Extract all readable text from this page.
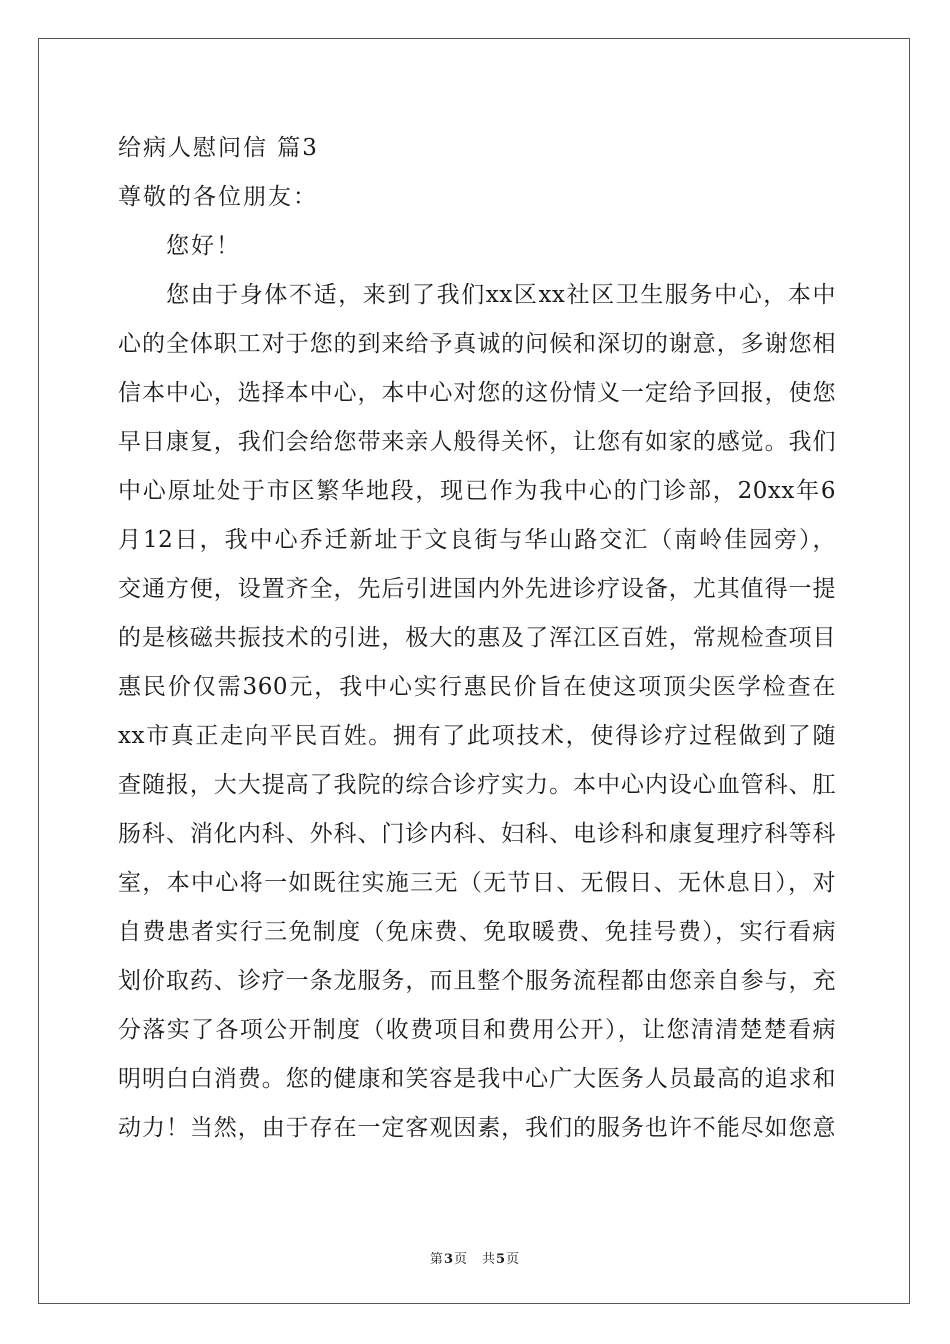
给病人慰问信 篇3
尊敬的各位朋友：
您好！
您由于身体不适，来到了我们xx区xx社区卫生服务中心，本中
心的全体职工对于您的到来给予真诚的问候和深切的谢意，多谢您相
信本中心，选择本中心，本中心对您的这份情义一定给予回报，使您
早日康复，我们会给您带来亲人般得关怀，让您有如家的感觉。我们
中心原址处于市区繁华地段，现已作为我中心的门诊部，20xx年6
月12日，我中心乔迁新址于文良街与华山路交汇（南岭佳园旁），
交通方便，设置齐全，先后引进国内外先进诊疗设备，尤其值得一提
的是核磁共振技术的引进，极大的惠及了浑江区百姓，常规检查项目
惠民价仅需360元，我中心实行惠民价旨在使这项顶尖医学检查在
xx市真正走向平民百姓。拥有了此项技术，使得诊疗过程做到了随
查随报，大大提高了我院的综合诊疗实力。本中心内设心血管科、肛
肠科、消化内科、外科、门诊内科、妇科、电诊科和康复理疗科等科
室，本中心将一如既往实施三无（无节日、无假日、无休息日），对
自费患者实行三免制度（免床费、免取暖费、免挂号费），实行看病
划价取药、诊疗一条龙服务，而且整个服务流程都由您亲自参与，充
分落实了各项公开制度（收费项目和费用公开），让您清清楚楚看病
明明白白消费。您的健康和笑容是我中心广大医务人员最高的追求和
动力！当然，由于存在一定客观因素，我们的服务也许不能尽如您意
第3页　共5页
